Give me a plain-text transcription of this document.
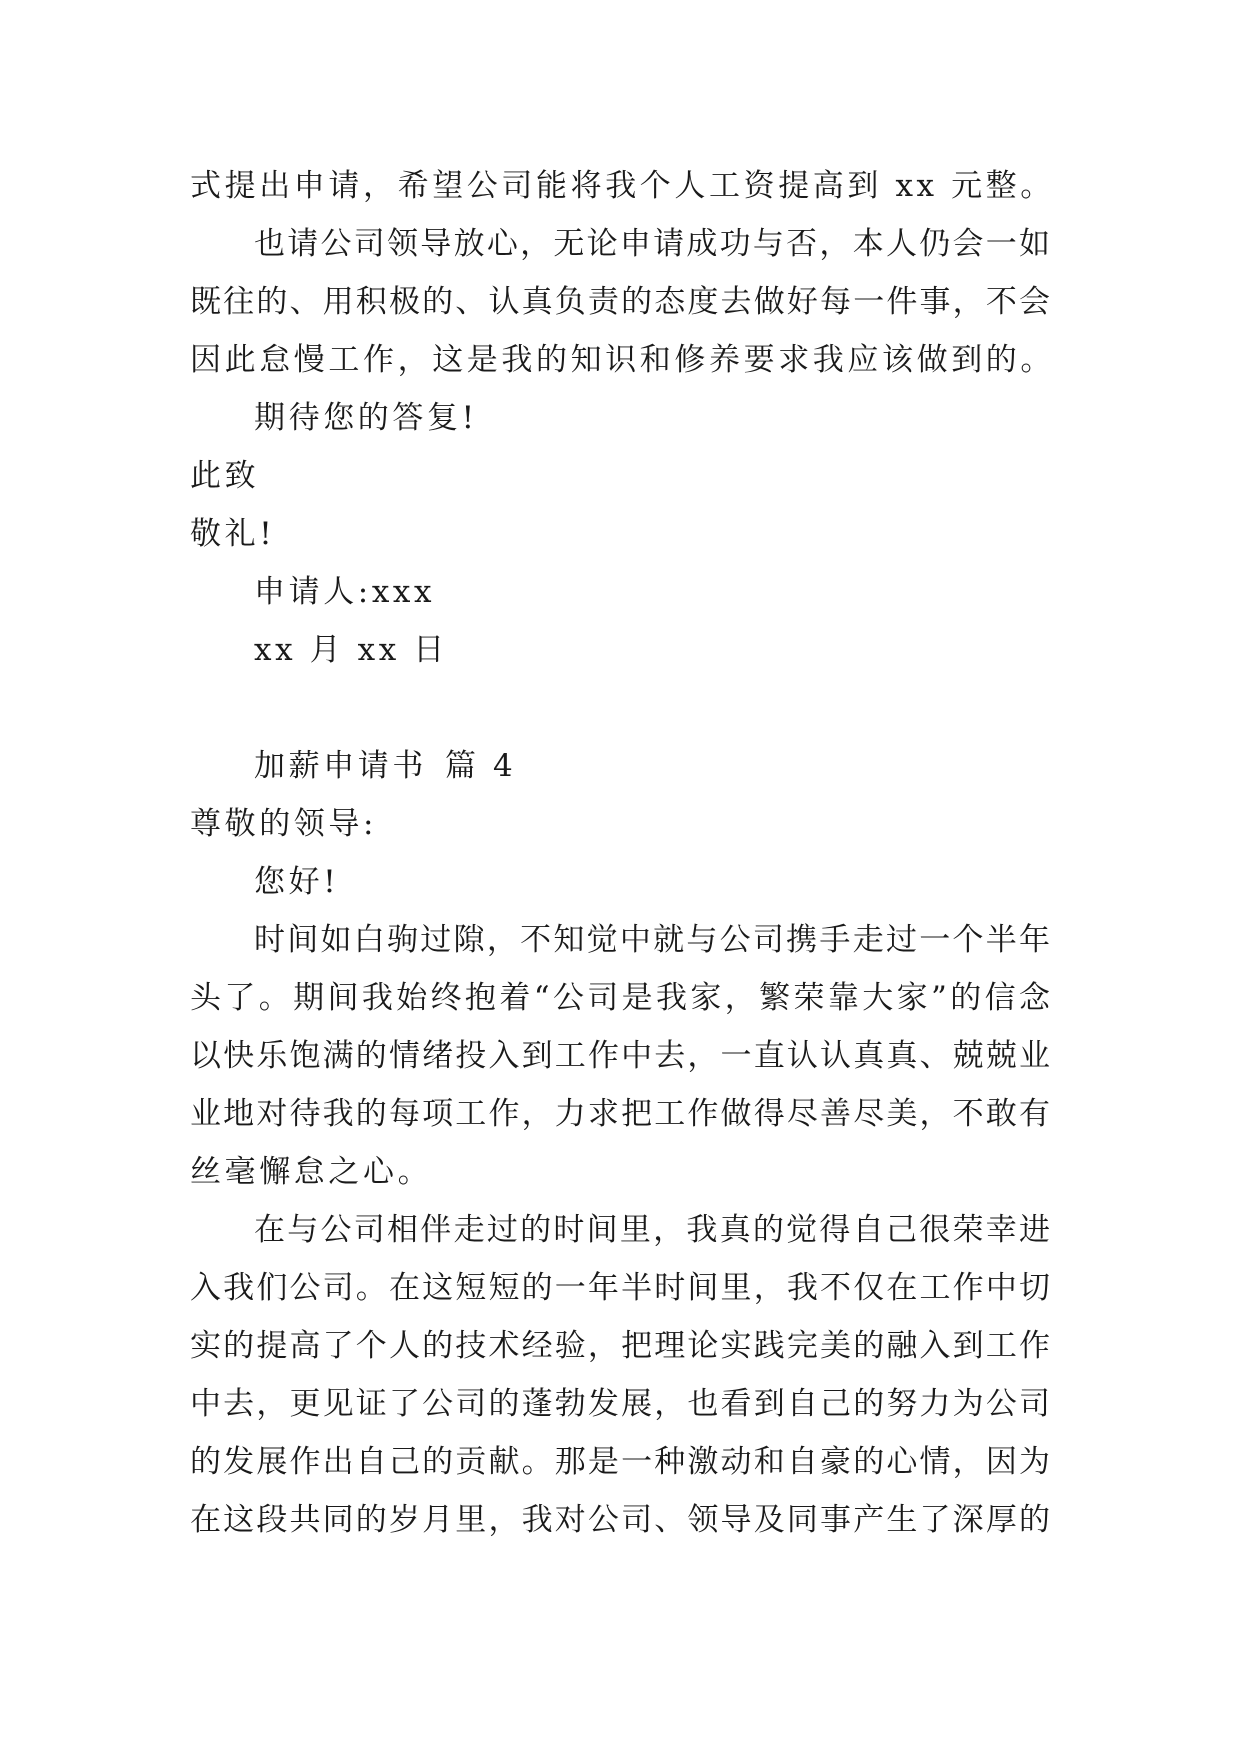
式提出申请，希望公司能将我个人工资提高到 xx 元整。
也请公司领导放心，无论申请成功与否，本人仍会一如
既往的、用积极的、认真负责的态度去做好每一件事，不会
因此怠慢工作，这是我的知识和修养要求我应该做到的。
期待您的答复!
此致
敬礼!
申请人:xxx
xx 月 xx 日
加薪申请书 篇 4
尊敬的领导:
您好!
时间如白驹过隙，不知觉中就与公司携手走过一个半年
头了。期间我始终抱着“公司是我家，繁荣靠大家”的信念
以快乐饱满的情绪投入到工作中去，一直认认真真、兢兢业
业地对待我的每项工作，力求把工作做得尽善尽美，不敢有
丝毫懈怠之心。
在与公司相伴走过的时间里，我真的觉得自己很荣幸进
入我们公司。在这短短的一年半时间里，我不仅在工作中切
实的提高了个人的技术经验，把理论实践完美的融入到工作
中去，更见证了公司的蓬勃发展，也看到自己的努力为公司
的发展作出自己的贡献。那是一种激动和自豪的心情，因为
在这段共同的岁月里，我对公司、领导及同事产生了深厚的
